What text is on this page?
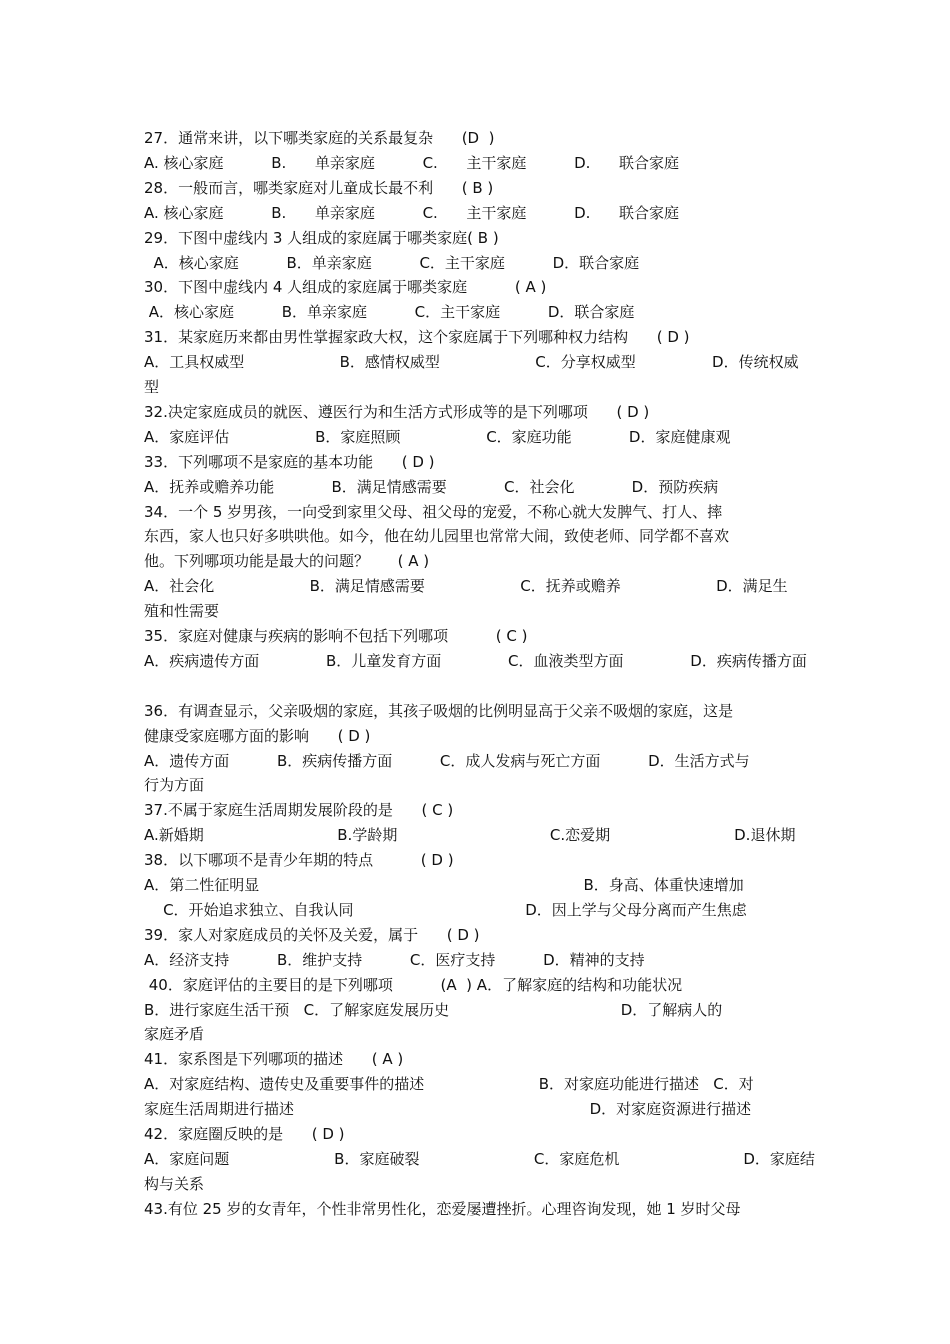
27．通常来讲，以下哪类家庭的关系最复杂      (D  )
A. 核心家庭          B.      单亲家庭          C.      主干家庭          D.      联合家庭
28．一般而言，哪类家庭对儿童成长最不利      ( B )
A. 核心家庭          B.      单亲家庭          C.      主干家庭          D.      联合家庭
29．下图中虚线内 3 人组成的家庭属于哪类家庭( B )
A．核心家庭          B．单亲家庭          C．主干家庭          D．联合家庭
30．下图中虚线内 4 人组成的家庭属于哪类家庭          ( A )
A．核心家庭          B．单亲家庭          C．主干家庭          D．联合家庭
31．某家庭历来都由男性掌握家政大权，这个家庭属于下列哪种权力结构      ( D )
A．工具权威型                    B．感情权威型                    C．分享权威型                D．传统权威
型
32.决定家庭成员的就医、遵医行为和生活方式形成等的是下列哪项      ( D )
A．家庭评估                  B．家庭照顾                  C．家庭功能            D．家庭健康观
33．下列哪项不是家庭的基本功能      ( D )
A．抚养或赡养功能            B．满足情感需要            C．社会化            D．预防疾病
34．一个 5 岁男孩，一向受到家里父母、祖父母的宠爱，不称心就大发脾气、打人、摔
东西，家人也只好多哄哄他。如今，他在幼儿园里也常常大闹，致使老师、同学都不喜欢
他。下列哪项功能是最大的问题？      ( A )
A．社会化                    B．满足情感需要                    C．抚养或赡养                    D．满足生
殖和性需要
35．家庭对健康与疾病的影响不包括下列哪项          ( C )
A．疾病遗传方面              B．儿童发育方面              C．血液类型方面              D．疾病传播方面
36．有调查显示，父亲吸烟的家庭，其孩子吸烟的比例明显高于父亲不吸烟的家庭，这是
健康受家庭哪方面的影响      ( D )
A．遗传方面          B．疾病传播方面          C．成人发病与死亡方面          D．生活方式与
行为方面
37.不属于家庭生活周期发展阶段的是      ( C )
A.新婚期                            B.学龄期                                C.恋爱期                          D.退休期
38．以下哪项不是青少年期的特点          ( D )
A．第二性征明显                                                                    B．身高、体重快速增加
C．开始追求独立、自我认同                                    D．因上学与父母分离而产生焦虑
39．家人对家庭成员的关怀及关爱，属于      ( D )
A．经济支持          B．维护支持          C．医疗支持          D．精神的支持
40．家庭评估的主要目的是下列哪项          (A  ) A．了解家庭的结构和功能状况
B．进行家庭生活干预   C．了解家庭发展历史                                    D．了解病人的
家庭矛盾
41．家系图是下列哪项的描述      ( A )
A．对家庭结构、遗传史及重要事件的描述                        B．对家庭功能进行描述   C．对
家庭生活周期进行描述                                                              D．对家庭资源进行描述
42．家庭圈反映的是      ( D )
A．家庭问题                      B．家庭破裂                        C．家庭危机                          D．家庭结
构与关系
43.有位 25 岁的女青年，个性非常男性化，恋爱屡遭挫折。心理咨询发现，她 1 岁时父母
